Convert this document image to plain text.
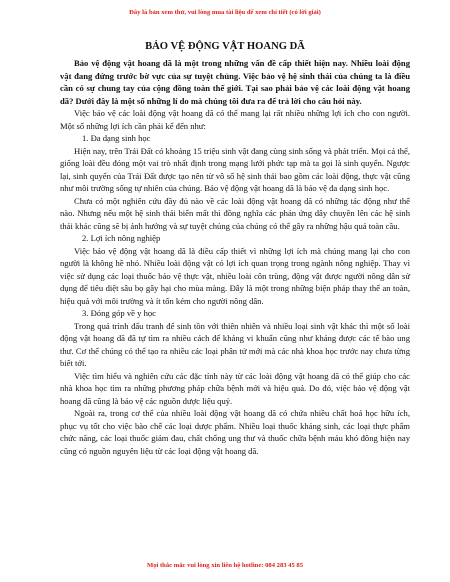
Đây là bản xem thử, vui lòng mua tài liệu để xem chi tiết (có lời giải)
BẢO VỆ ĐỘNG VẬT HOANG DÃ

Bảo vệ động vật hoang dã là một trong những vấn đề cấp thiết hiện nay. Nhiều loài động vật đang đứng trước bờ vực của sự tuyệt chủng. Việc bảo vệ hệ sinh thái của chúng ta là điều cần có sự chung tay của cộng đồng toàn thế giới. Tại sao phải bảo vệ các loài động vật hoang dã? Dưới đây là một số những lí do mà chúng tôi đưa ra để trả lời cho câu hỏi này.

Việc bảo vệ các loài động vật hoang dã có thể mang lại rất nhiều những lợi ích cho con người. Một số những lợi ích cần phải kể đến như:

1. Đa dạng sinh học

Hiện nay, trên Trái Đất có khoảng 15 triệu sinh vật đang cùng sinh sống và phát triển. Mọi cá thể, giống loài đều đóng một vai trò nhất định trong mạng lưới phức tạp mà ta gọi là sinh quyển. Ngược lại, sinh quyển của Trái Đất được tạo nên từ vô số hệ sinh thái bao gồm các loài động, thực vật cũng như môi trường sống tự nhiên của chúng. Bảo vệ động vật hoang dã là bảo vệ đa dạng sinh học.

Chưa có một nghiên cứu đầy đủ nào về các loài động vật hoang dã có những tác động như thế nào. Nhưng nếu một hệ sinh thái biến mất thì đồng nghĩa các phản ứng dây chuyền lên các hệ sinh thái khác cũng sẽ bị ảnh hưởng và sự tuyệt chủng của chúng có thể gây ra những hậu quả toàn cầu.

2. Lợi ích nông nghiệp

Việc bảo vệ động vật hoang dã là điều cấp thiết vì những lợi ích mà chúng mang lại cho con người là không hề nhỏ. Nhiều loài động vật có lợi ích quan trọng trong ngành nông nghiệp. Thay vì việc sử dụng các loại thuốc bảo vệ thực vật, nhiều loài côn trùng, động vật được người nông dân sử dụng để tiêu diệt sâu bọ gây hại cho mùa màng. Đây là một trong những biện pháp thay thế an toàn, hiệu quả với môi trường và ít tốn kém cho người nông dân.

3. Đóng góp về y học

Trong quá trình đấu tranh để sinh tồn với thiên nhiên và nhiều loại sinh vật khác thì một số loài động vật hoang dã đã tự tìm ra nhiều cách để kháng vi khuẩn cũng như kháng được các tế bào ung thư. Cơ thể chúng có thể tạo ra nhiều các loại phân tử mới mà các nhà khoa học trước nay chưa từng biết tới.

Việc tìm hiểu và nghiên cứu các đặc tính này từ các loài động vật hoang dã có thể giúp cho các nhà khoa học tìm ra những phương pháp chữa bệnh mới và hiệu quả. Do đó, việc bảo vệ động vật hoang dã cũng là bảo vệ các nguồn dược liệu quý.

Ngoài ra, trong cơ thể của nhiều loài động vật hoang dã có chứa nhiều chất hoá học hữu ích, phục vụ tốt cho việc bào chế các loại dược phẩm. Nhiều loại thuốc kháng sinh, các loại thực phẩm chức năng, các loại thuốc giảm đau, chất chống ung thư và thuốc chữa bệnh máu khó đông hiện nay cũng có nguồn nguyên liệu từ các loại động vật hoang dã.

Mọi thắc mắc vui lòng xin liên hệ hotline: 084 283 45 85
